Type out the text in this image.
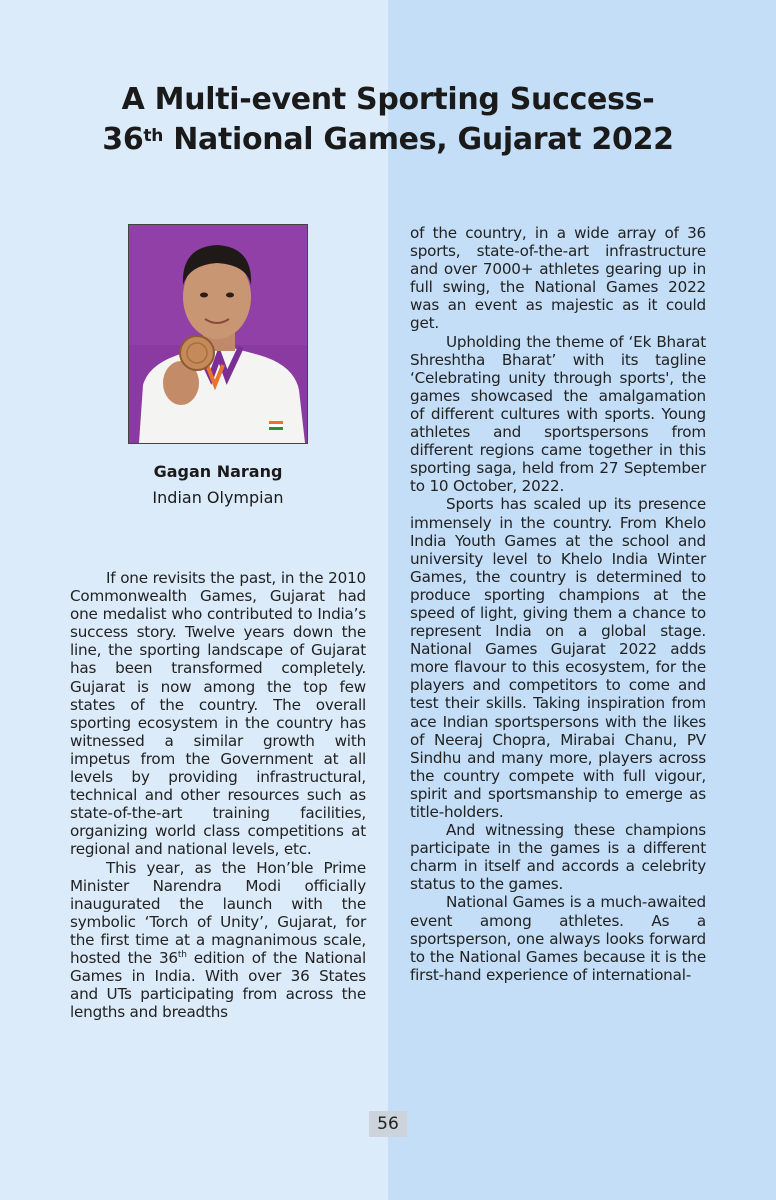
A Multi-event Sporting Success-
36th National Games, Gujarat 2022
Gagan Narang
Indian Olympian

If one revisits the past, in the 2010 Commonwealth Games, Gujarat had one medalist who contributed to India’s success story. Twelve years down the line, the sporting landscape of Gujarat has been transformed completely. Gujarat is now among the top few states of the country. The overall sporting ecosystem in the country has witnessed a similar growth with impetus from the Government at all levels by providing infrastructural, technical and other resources such as state-of-the-art training facilities, organizing world class competitions at regional and national levels, etc.

This year, as the Hon’ble Prime Minister Narendra Modi officially inaugurated the launch with the symbolic ‘Torch of Unity’, Gujarat, for the first time at a magnanimous scale, hosted the 36th edition of the National Games in India. With over 36 States and UTs participating from across the lengths and breadths

of the country, in a wide array of 36 sports, state-of-the-art infrastructure and over 7000+ athletes gearing up in full swing, the National Games 2022 was an event as majestic as it could get.

Upholding the theme of ‘Ek Bharat Shreshtha Bharat’ with its tagline ‘Celebrating unity through sports', the games showcased the amalgamation of different cultures with sports. Young athletes and sportspersons from different regions came together in this sporting saga, held from 27 September to 10 October, 2022.

Sports has scaled up its presence immensely in the country. From Khelo India Youth Games at the school and university level to Khelo India Winter Games, the country is determined to produce sporting champions at the speed of light, giving them a chance to represent India on a global stage. National Games Gujarat 2022 adds more flavour to this ecosystem, for the players and competitors to come and test their skills. Taking inspiration from ace Indian sportspersons with the likes of Neeraj Chopra, Mirabai Chanu, PV Sindhu and many more, players across the country compete with full vigour, spirit and sportsmanship to emerge as title-holders.

And witnessing these champions participate in the games is a different charm in itself and accords a celebrity status to the games.

National Games is a much-awaited event among athletes. As a sportsperson, one always looks forward to the National Games because it is the first-hand experience of international-

56
